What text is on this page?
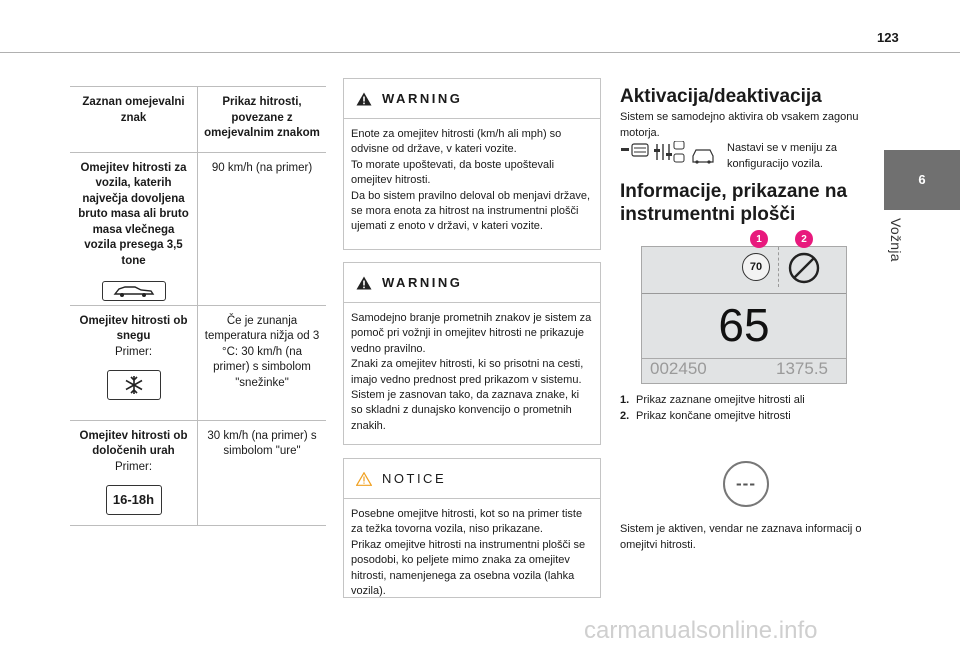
123
6
Vožnja
Zaznan omejevalni znak
Prikaz hitrosti, povezane z omejevalnim znakom
Omejitev hitrosti za vozila, katerih največja dovoljena bruto masa ali bruto masa vlečnega vozila presega 3,5 tone
90 km/h (na primer)
Omejitev hitrosti ob snegu
Primer:
Če je zunanja temperatura nižja od 3 °C: 30 km/h (na primer) s simbolom "snežinke"
Omejitev hitrosti ob določenih urah
Primer:
16-18h
30 km/h (na primer) s simbolom "ure"
WARNING
Enote za omejitev hitrosti (km/h ali mph) so odvisne od države, v kateri vozite.
To morate upoštevati, da boste upoštevali omejitev hitrosti.
Da bo sistem pravilno deloval ob menjavi države, se mora enota za hitrost na instrumentni plošči ujemati z enoto v državi, v kateri vozite.
WARNING
Samodejno branje prometnih znakov je sistem za pomoč pri vožnji in omejitev hitrosti ne prikazuje vedno pravilno.
Znaki za omejitev hitrosti, ki so prisotni na cesti, imajo vedno prednost pred prikazom v sistemu.
Sistem je zasnovan tako, da zaznava znake, ki so skladni z dunajsko konvencijo o prometnih znakih.
NOTICE
Posebne omejitve hitrosti, kot so na primer tiste za težka tovorna vozila, niso prikazane.
Prikaz omejitve hitrosti na instrumentni plošči se posodobi, ko peljete mimo znaka za omejitev hitrosti, namenjenega za osebna vozila (lahka vozila).
Aktivacija/deaktivacija
Sistem se samodejno aktivira ob vsakem zagonu motorja.
Nastavi se v meniju za konfiguracijo vozila.
Informacije, prikazane na instrumentni plošči
70
65
002450	1375.5
1	2
1. Prikaz zaznane omejitve hitrosti ali
2. Prikaz končane omejitve hitrosti
---
Sistem je aktiven, vendar ne zaznava informacij o omejitvi hitrosti.
carmanualsonline.info
